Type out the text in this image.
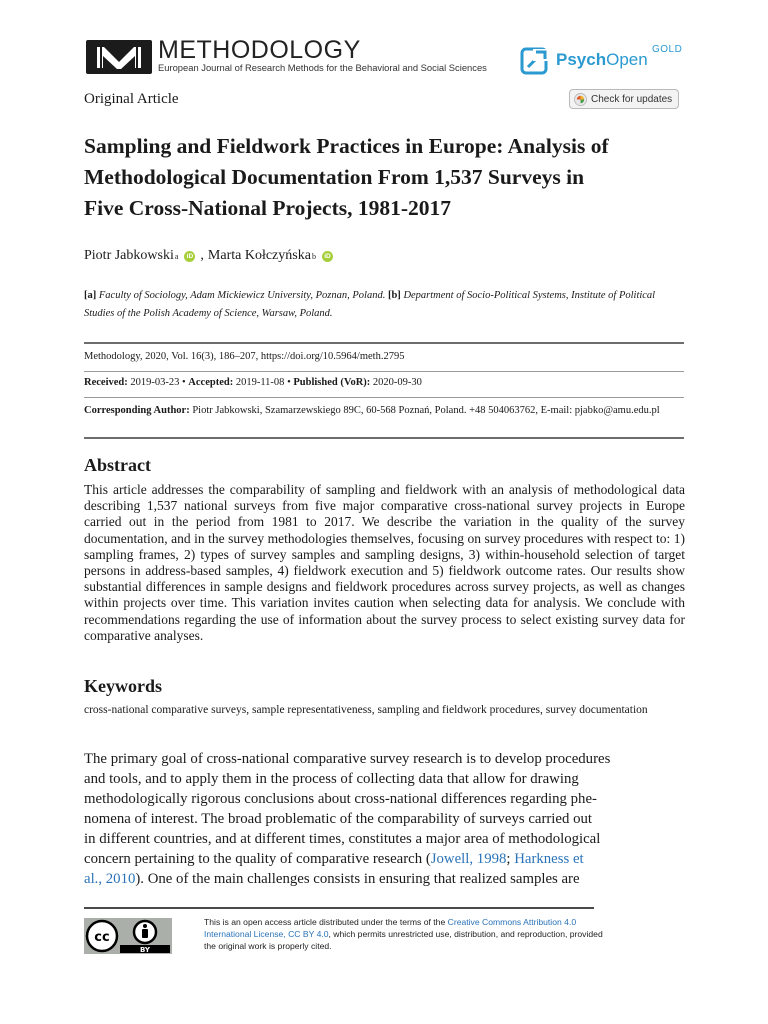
METHODOLOGY
European Journal of Research Methods for the Behavioral and Social Sciences	PsychOpen
GOLD
Original Article	Check for updates
Sampling and Fieldwork Practices in Europe: Analysis of
Methodological Documentation From 1,537 Surveys in
Five Cross-National Projects, 1981-2017
Piotr Jabkowski a	iD , Marta Kołczyńska b	iD
[a] Faculty of Sociology, Adam Mickiewicz University, Poznan, Poland. [b] Department of Socio-Political Systems, Institute of Political Studies of the Polish Academy of Science, Warsaw, Poland.
Methodology, 2020, Vol. 16(3), 186–207, https://doi.org/10.5964/meth.2795
Received: 2019-03-23 • Accepted: 2019-11-08 • Published (VoR): 2020-09-30
Corresponding Author: Piotr Jabkowski, Szamarzewskiego 89C, 60-568 Poznań, Poland. +48 504063762, E-mail: pjabko@amu.edu.pl
Abstract
This article addresses the comparability of sampling and fieldwork with an analysis of methodological data describing 1,537 national surveys from five major comparative cross-national survey projects in Europe carried out in the period from 1981 to 2017. We describe the variation in the quality of the survey documentation, and in the survey methodologies themselves, focusing on survey procedures with respect to: 1) sampling frames, 2) types of survey samples and sampling designs, 3) within-household selection of target persons in address-based samples, 4) fieldwork execution and 5) fieldwork outcome rates. Our results show substantial differences in sample designs and fieldwork procedures across survey projects, as well as changes within projects over time. This variation invites caution when selecting data for analysis. We conclude with recommendations regarding the use of information about the survey process to select existing survey data for comparative analyses.
Keywords
cross-national comparative surveys, sample representativeness, sampling and fieldwork procedures, survey documentation
The primary goal of cross-national comparative survey research is to develop procedures
and tools, and to apply them in the process of collecting data that allow for drawing
methodologically rigorous conclusions about cross-national differences regarding phe-
nomena of interest. The broad problematic of the comparability of surveys carried out
in different countries, and at different times, constitutes a major area of methodological
concern pertaining to the quality of comparative research (Jowell, 1998; Harkness et
al., 2010). One of the main challenges consists in ensuring that realized samples are
cc
BY
This is an open access article distributed under the terms of the Creative Commons Attribution 4.0 International License, CC BY 4.0, which permits unrestricted use, distribution, and reproduction, provided the original work is properly cited.
